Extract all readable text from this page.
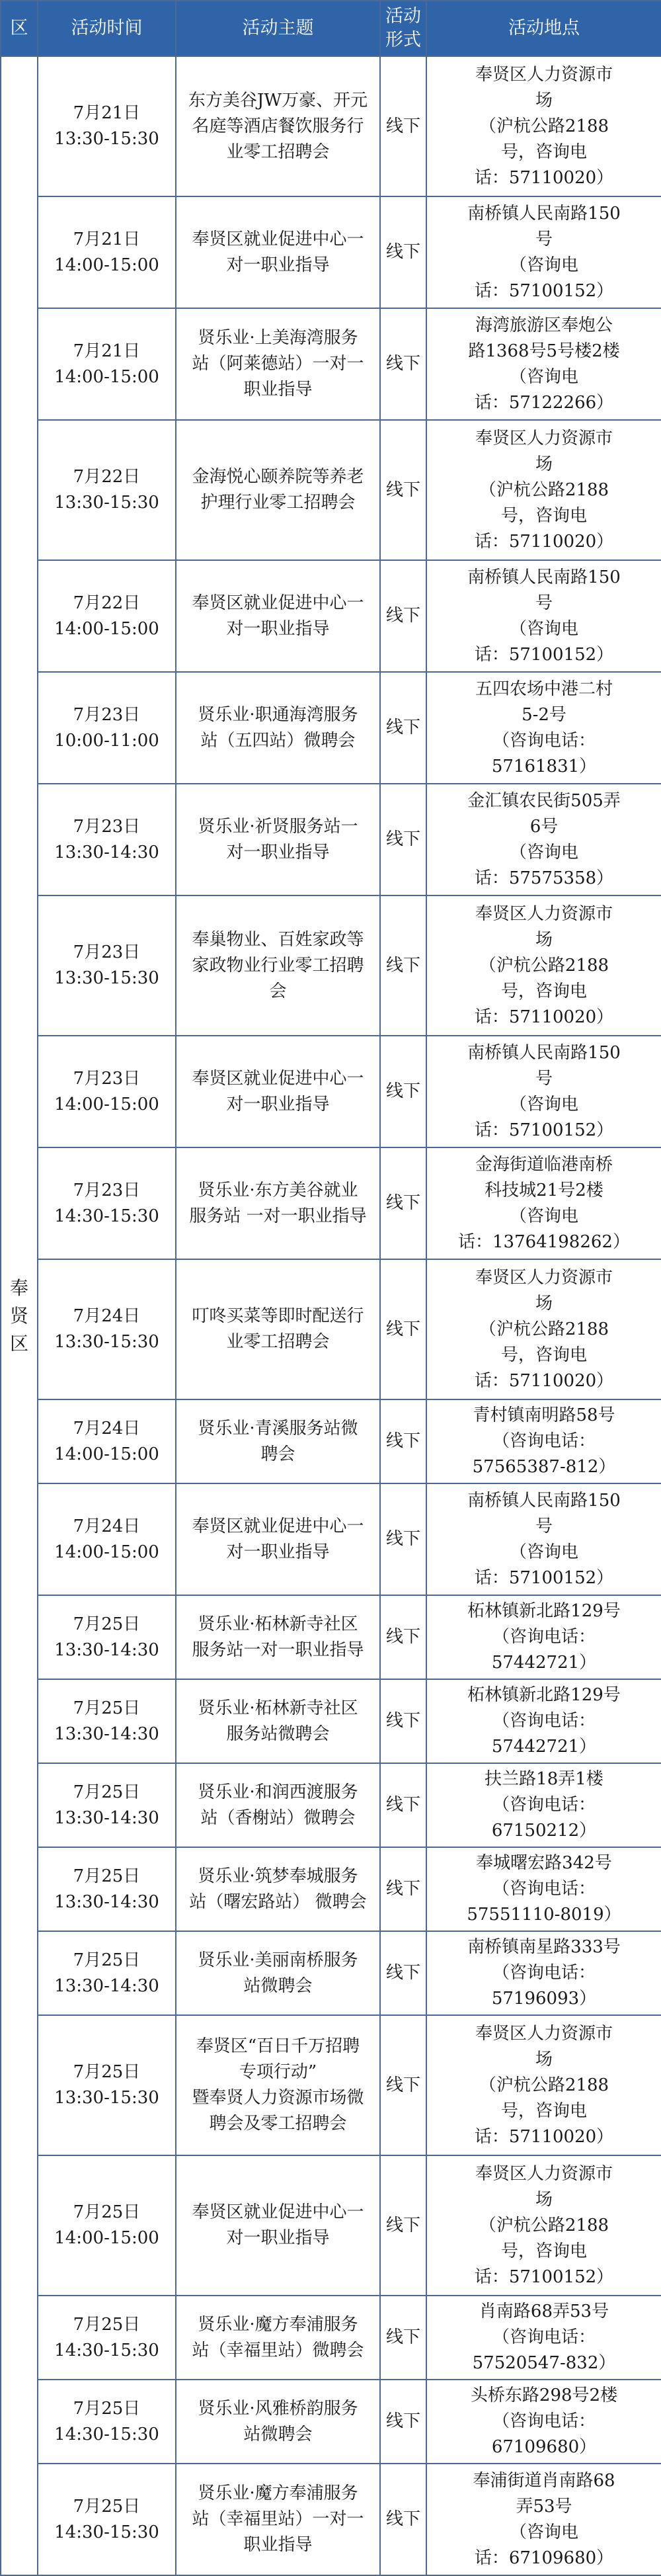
区	活动时间	活动主题	活动
形式	活动地点

奉
贤
区	7月21日
13:30-15:30	东方美谷JW万豪、开元
名庭等酒店餐饮服务行
业零工招聘会	线下	奉贤区人力资源市
场
（沪杭公路2188
号，咨询电
话：57110020）

	7月21日
14:00-15:00	奉贤区就业促进中心一
对一职业指导	线下	南桥镇人民南路150
号
（咨询电
话：57100152）

	7月21日
14:00-15:00	贤乐业·上美海湾服务
站（阿莱德站）一对一
职业指导	线下	海湾旅游区奉炮公
路1368号5号楼2楼
（咨询电
话：57122266）

	7月22日
13:30-15:30	金海悦心颐养院等养老
护理行业零工招聘会	线下	奉贤区人力资源市
场
（沪杭公路2188
号，咨询电
话：57110020）

	7月22日
14:00-15:00	奉贤区就业促进中心一
对一职业指导	线下	南桥镇人民南路150
号
（咨询电
话：57100152）

	7月23日
10:00-11:00	贤乐业·职通海湾服务
站（五四站）微聘会	线下	五四农场中港二村
5-2号
（咨询电话：
57161831）

	7月23日
13:30-14:30	贤乐业·祈贤服务站一
对一职业指导	线下	金汇镇农民街505弄
6号
（咨询电
话：57575358）

	7月23日
13:30-15:30	奉巢物业、百姓家政等
家政物业行业零工招聘
会	线下	奉贤区人力资源市
场
（沪杭公路2188
号，咨询电
话：57110020）

	7月23日
14:00-15:00	奉贤区就业促进中心一
对一职业指导	线下	南桥镇人民南路150
号
（咨询电
话：57100152）

	7月23日
14:30-15:30	贤乐业·东方美谷就业
服务站 一对一职业指导	线下	金海街道临港南桥
科技城21号2楼
（咨询电
话：13764198262）

	7月24日
13:30-15:30	叮咚买菜等即时配送行
业零工招聘会	线下	奉贤区人力资源市
场
（沪杭公路2188
号，咨询电
话：57110020）

	7月24日
14:00-15:00	贤乐业·青溪服务站微
聘会	线下	青村镇南明路58号
（咨询电话：
57565387-812）

	7月24日
14:00-15:00	奉贤区就业促进中心一
对一职业指导	线下	南桥镇人民南路150
号
（咨询电
话：57100152）

	7月25日
13:30-14:30	贤乐业·柘林新寺社区
服务站一对一职业指导	线下	柘林镇新北路129号
（咨询电话：
57442721）

	7月25日
13:30-14:30	贤乐业·柘林新寺社区
服务站微聘会	线下	柘林镇新北路129号
（咨询电话：
57442721）

	7月25日
13:30-14:30	贤乐业·和润西渡服务
站（香榭站）微聘会	线下	扶兰路18弄1楼
（咨询电话：
67150212）

	7月25日
13:30-14:30	贤乐业·筑梦奉城服务
站（曙宏路站） 微聘会	线下	奉城曙宏路342号
（咨询电话：
57551110-8019）

	7月25日
13:30-14:30	贤乐业·美丽南桥服务
站微聘会	线下	南桥镇南星路333号
（咨询电话：
57196093）

	7月25日
13:30-15:30	奉贤区“百日千万招聘
专项行动”
暨奉贤人力资源市场微
聘会及零工招聘会	线下	奉贤区人力资源市
场
（沪杭公路2188
号，咨询电
话：57110020）

	7月25日
14:00-15:00	奉贤区就业促进中心一
对一职业指导	线下	奉贤区人力资源市
场
（沪杭公路2188
号，咨询电
话：57100152）

	7月25日
14:30-15:30	贤乐业·魔方奉浦服务
站（幸福里站）微聘会	线下	肖南路68弄53号
（咨询电话：
57520547-832）

	7月25日
14:30-15:30	贤乐业·风雅桥韵服务
站微聘会	线下	头桥东路298号2楼
（咨询电话：
67109680）

	7月25日
14:30-15:30	贤乐业·魔方奉浦服务
站（幸福里站）一对一
职业指导	线下	奉浦街道肖南路68
弄53号
（咨询电
话：67109680）
